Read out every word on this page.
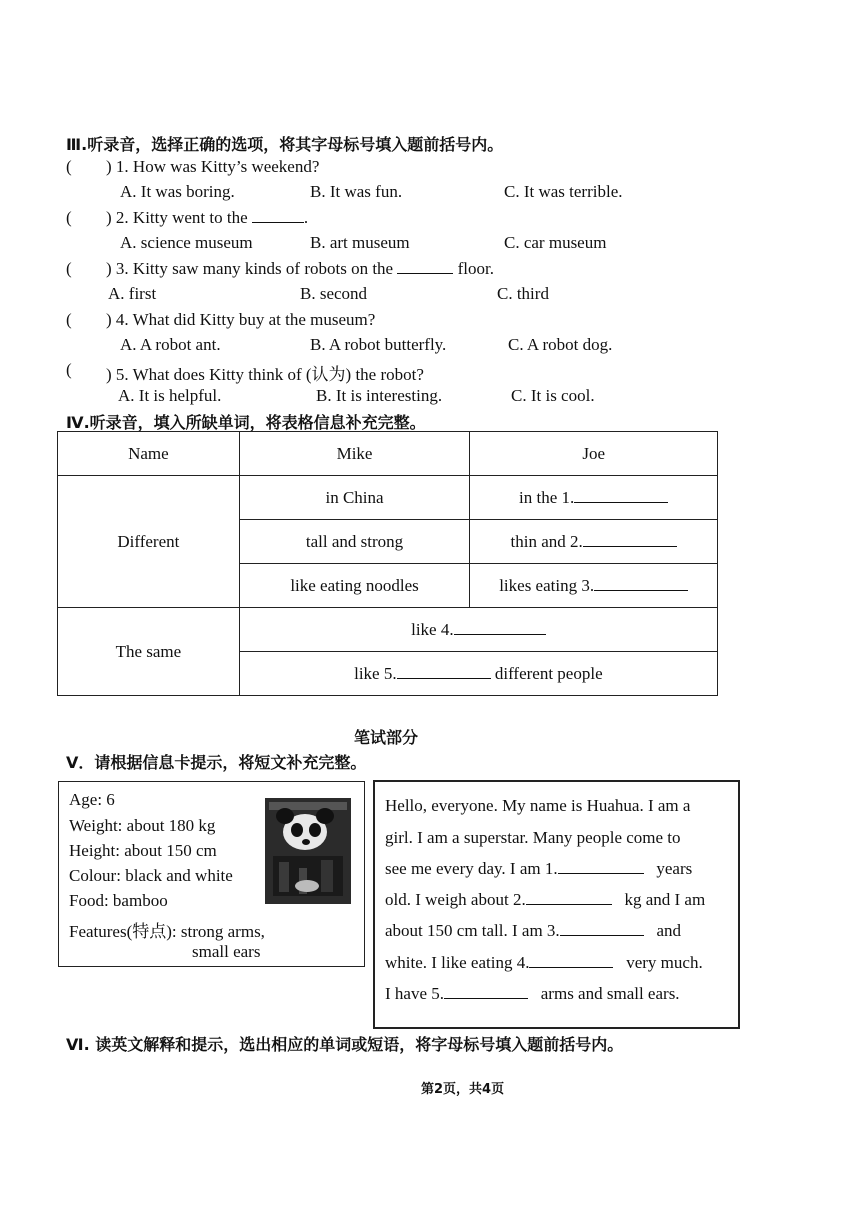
Ⅲ.听录音，选择正确的选项，将其字母标号填入题前括号内。
( ) 1. How was Kitty’s weekend?
A. It was boring.	B. It was fun.	C. It was terrible.
( ) 2. Kitty went to the	.
A. science museum	B. art museum	C. car museum
( ) 3. Kitty saw many kinds of robots on the	floor.
A. first	B. second	C. third
( ) 4. What did Kitty buy at the museum?
A. A robot ant.	B. A robot butterfly.	C. A robot dog.
( ) 5. What does Kitty think of (认为) the robot?
A. It is helpful.	B. It is interesting.	C. It is cool.
Ⅳ.听录音，填入所缺单词，将表格信息补充完整。
Name	Mike	Joe
Different	in China	in the 1.
	tall and strong	thin and 2.
	like eating noodles	likes eating 3.
The same	like 4.	
	like 5. different people	
笔试部分
Ⅴ．请根据信息卡提示，将短文补充完整。
Age: 6
Weight: about 180 kg
Height: about 150 cm
Colour: black and white
Food: bamboo
Features(特点): strong arms,
small ears
Hello, everyone. My name is Huahua. I am a
girl. I am a superstar. Many people come to
see me every day. I am 1.	years
old. I weigh about 2.	kg and I am
about 150 cm tall. I am 3.	and
white. I like eating 4.	very much.
I have 5.	arms and small ears.
Ⅵ. 读英文解释和提示，选出相应的单词或短语，将字母标号填入题前括号内。
第2页，共4页
